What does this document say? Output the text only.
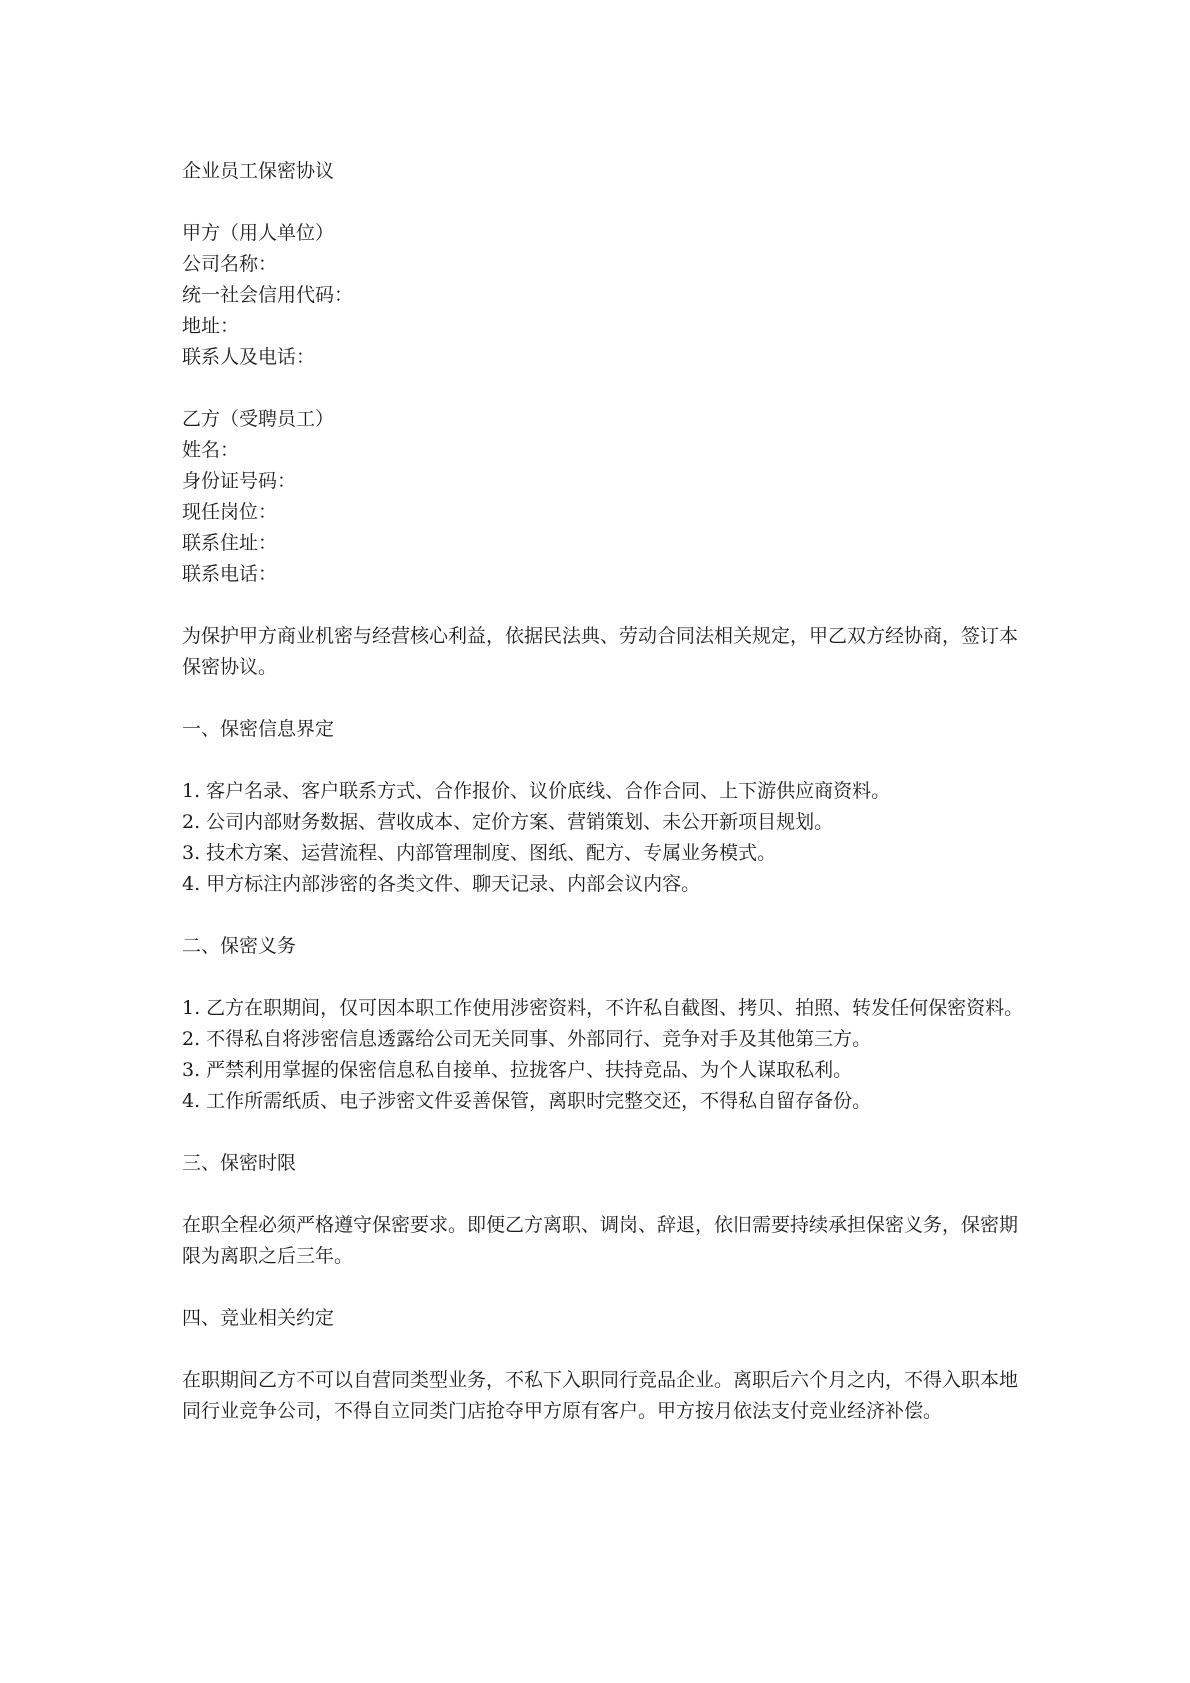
企业员工保密协议
甲方（用人单位）
公司名称：
统一社会信用代码：
地址：
联系人及电话：
乙方（受聘员工）
姓名：
身份证号码：
现任岗位：
联系住址：
联系电话：
为保护甲方商业机密与经营核心利益，依据民法典、劳动合同法相关规定，甲乙双方经协商，签订本保密协议。
一、保密信息界定
1. 客户名录、客户联系方式、合作报价、议价底线、合作合同、上下游供应商资料。
2. 公司内部财务数据、营收成本、定价方案、营销策划、未公开新项目规划。
3. 技术方案、运营流程、内部管理制度、图纸、配方、专属业务模式。
4. 甲方标注内部涉密的各类文件、聊天记录、内部会议内容。
二、保密义务
1. 乙方在职期间，仅可因本职工作使用涉密资料，不许私自截图、拷贝、拍照、转发任何保密资料。
2. 不得私自将涉密信息透露给公司无关同事、外部同行、竞争对手及其他第三方。
3. 严禁利用掌握的保密信息私自接单、拉拢客户、扶持竞品、为个人谋取私利。
4. 工作所需纸质、电子涉密文件妥善保管，离职时完整交还，不得私自留存备份。
三、保密时限
在职全程必须严格遵守保密要求。即便乙方离职、调岗、辞退，依旧需要持续承担保密义务，保密期限为离职之后三年。
四、竞业相关约定
在职期间乙方不可以自营同类型业务，不私下入职同行竞品企业。离职后六个月之内，不得入职本地同行业竞争公司，不得自立同类门店抢夺甲方原有客户。甲方按月依法支付竞业经济补偿。
